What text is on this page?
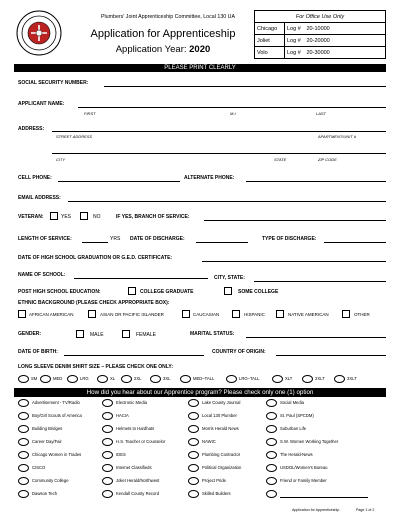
Plumbers' Joint Apprenticeship Committee, Local 130 UA
Application for Apprenticeship
Application Year: 2020
For Office Use Only		
Chicago	Log #	20-10000
Joliet	Log #	20-20000
Volo	Log #	20-30000
PLEASE PRINT CLEARLY
SOCIAL SECURITY NUMBER:
APPLICANT NAME:
FIRST	M.I.	LAST
ADDRESS:
STREET ADDRESS	APARTMENT/UNIT #
CITY	STATE	ZIP CODE
CELL PHONE:	ALTERNATE PHONE:
EMAIL ADDRESS:
VETERAN:	YES	NO	IF YES, BRANCH OF SERVICE:
LENGTH OF SERVICE:	YRS DATE OF DISCHARGE:	TYPE OF DISCHARGE:
DATE OF HIGH SCHOOL GRADUATION OR G.E.D. CERTIFICATE:
NAME OF SCHOOL:	CITY, STATE:
POST HIGH SCHOOL EDUCATION:	COLLEGE GRADUATE	SOME COLLEGE
ETHNIC BACKGROUND (PLEASE CHECK APPROPRIATE BOX):
AFRICAN AMERICAN	ASIAN OR PACIFIC ISLANDER	CAUCASIAN	HISPANIC	NATIVE AMERICAN	OTHER
GENDER:	MALE	FEMALE	MARITAL STATUS:
DATE OF BIRTH:	COUNTRY OF ORIGIN:
LONG SLEEVE DENIM SHIRT SIZE – PLEASE CHECK ONE ONLY:
SM	MED	LRG	XL	2XL	3XL	MED–TALL	LRG–TALL	XLT	2XLT	3XLT
How did you hear about our Apprentice program? Please check only one (1) option
Advertisement - TV/Radio
Boy/Girl Scouts of America
Building Bridges
Career Day/Fair
Chicago Women in Trades
CISCO
Community College
Dawson Tech
Electronic Media
HACIA
Helmets to Hardhats
H.S. Teacher or Counselor
IDES
Internet Classifieds
Joliet Herald/Northwest
Kendall County Record
Lake County Journal
Local 130 Plumber
Morris Herald News
NAWIC
Plumbing Contractor
Political Organization
Project Pride
Skilled Builders
Social Media
St. Paul (SPCDM)
Suburban Life
S.W. Women Working Together
The Herald-News
USDOL/Women's Bureau
Friend or Family Member
Application for Apprenticeship	Page 1 of 2
